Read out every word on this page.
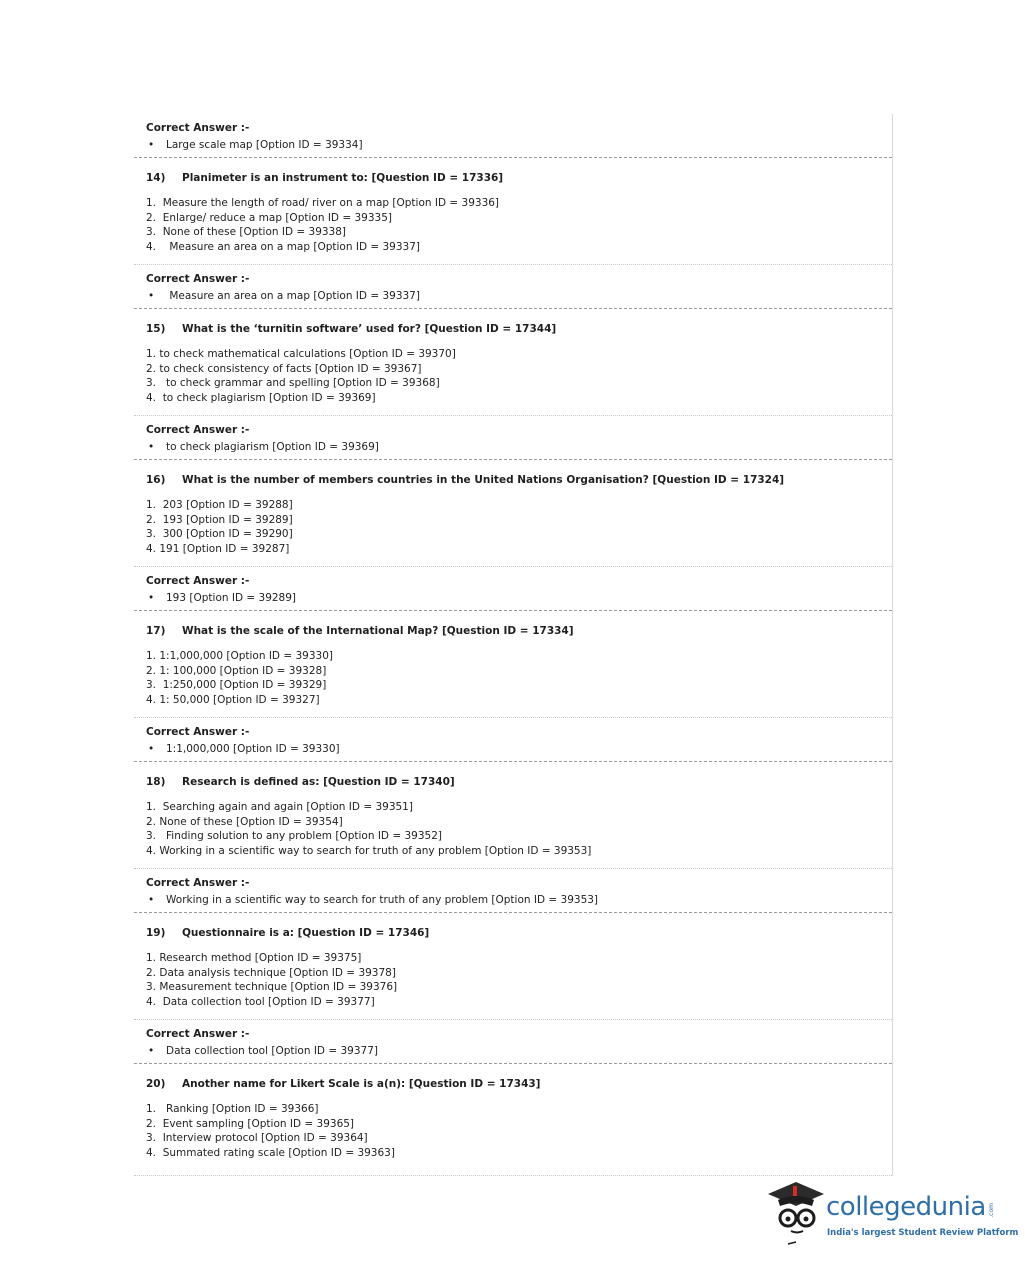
Correct Answer :-
• Large scale map [Option ID = 39334]
14) Planimeter is an instrument to: [Question ID = 17336]
1.  Measure the length of road/ river on a map [Option ID = 39336]
2.  Enlarge/ reduce a map [Option ID = 39335]
3.  None of these [Option ID = 39338]
4.    Measure an area on a map [Option ID = 39337]
Correct Answer :-
• Measure an area on a map [Option ID = 39337]
15) What is the ‘turnitin software’ used for? [Question ID = 17344]
1. to check mathematical calculations [Option ID = 39370]
2. to check consistency of facts [Option ID = 39367]
3.   to check grammar and spelling [Option ID = 39368]
4.  to check plagiarism [Option ID = 39369]
Correct Answer :-
• to check plagiarism [Option ID = 39369]
16) What is the number of members countries in the United Nations Organisation? [Question ID = 17324]
1.  203 [Option ID = 39288]
2.  193 [Option ID = 39289]
3.  300 [Option ID = 39290]
4. 191 [Option ID = 39287]
Correct Answer :-
• 193 [Option ID = 39289]
17) What is the scale of the International Map? [Question ID = 17334]
1. 1:1,000,000 [Option ID = 39330]
2. 1: 100,000 [Option ID = 39328]
3.  1:250,000 [Option ID = 39329]
4. 1: 50,000 [Option ID = 39327]
Correct Answer :-
• 1:1,000,000 [Option ID = 39330]
18) Research is defined as: [Question ID = 17340]
1.  Searching again and again [Option ID = 39351]
2. None of these [Option ID = 39354]
3.   Finding solution to any problem [Option ID = 39352]
4. Working in a scientific way to search for truth of any problem [Option ID = 39353]
Correct Answer :-
• Working in a scientific way to search for truth of any problem [Option ID = 39353]
19) Questionnaire is a: [Question ID = 17346]
1. Research method [Option ID = 39375]
2. Data analysis technique [Option ID = 39378]
3. Measurement technique [Option ID = 39376]
4.  Data collection tool [Option ID = 39377]
Correct Answer :-
• Data collection tool [Option ID = 39377]
20) Another name for Likert Scale is a(n): [Question ID = 17343]
1.   Ranking [Option ID = 39366]
2.  Event sampling [Option ID = 39365]
3.  Interview protocol [Option ID = 39364]
4.  Summated rating scale [Option ID = 39363]
collegedunia .com
India's largest Student Review Platform
